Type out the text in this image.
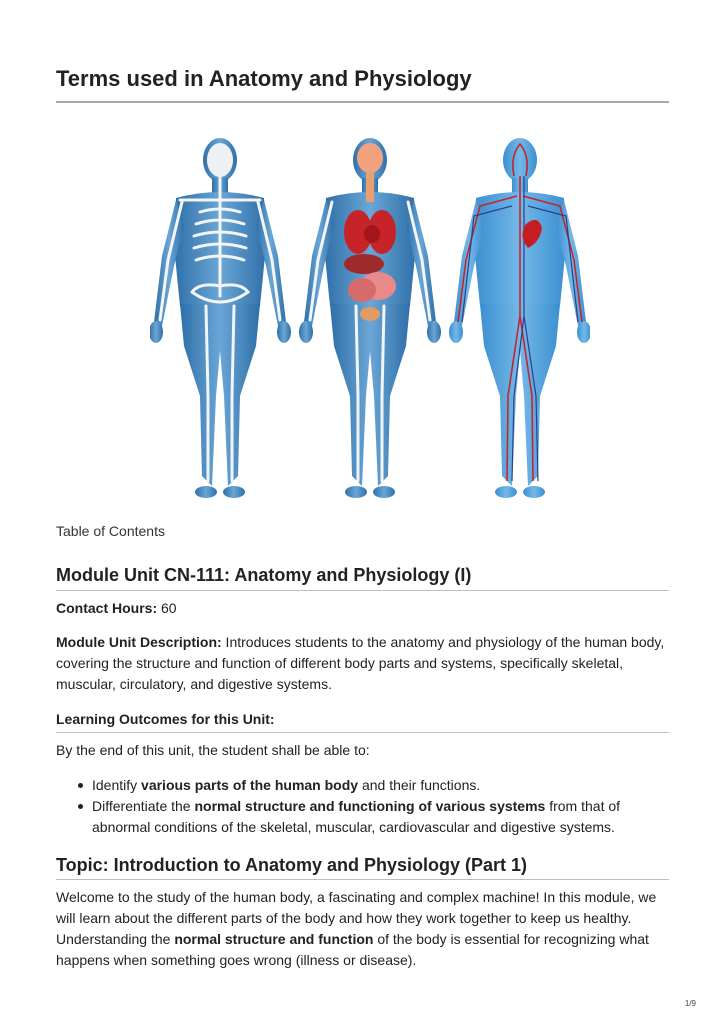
Terms used in Anatomy and Physiology
Table of Contents
Module Unit CN-111: Anatomy and Physiology (I)

Contact Hours: 60

Module Unit Description: Introduces students to the anatomy and physiology of the human body, covering the structure and function of different body parts and systems, specifically skeletal, muscular, circulatory, and digestive systems.

Learning Outcomes for this Unit:

By the end of this unit, the student shall be able to:

Identify various parts of the human body and their functions.
Differentiate the normal structure and functioning of various systems from that of abnormal conditions of the skeletal, muscular, cardiovascular and digestive systems.
Topic: Introduction to Anatomy and Physiology (Part 1)

Welcome to the study of the human body, a fascinating and complex machine! In this module, we will learn about the different parts of the body and how they work together to keep us healthy. Understanding the normal structure and function of the body is essential for recognizing what happens when something goes wrong (illness or disease).

1/9
